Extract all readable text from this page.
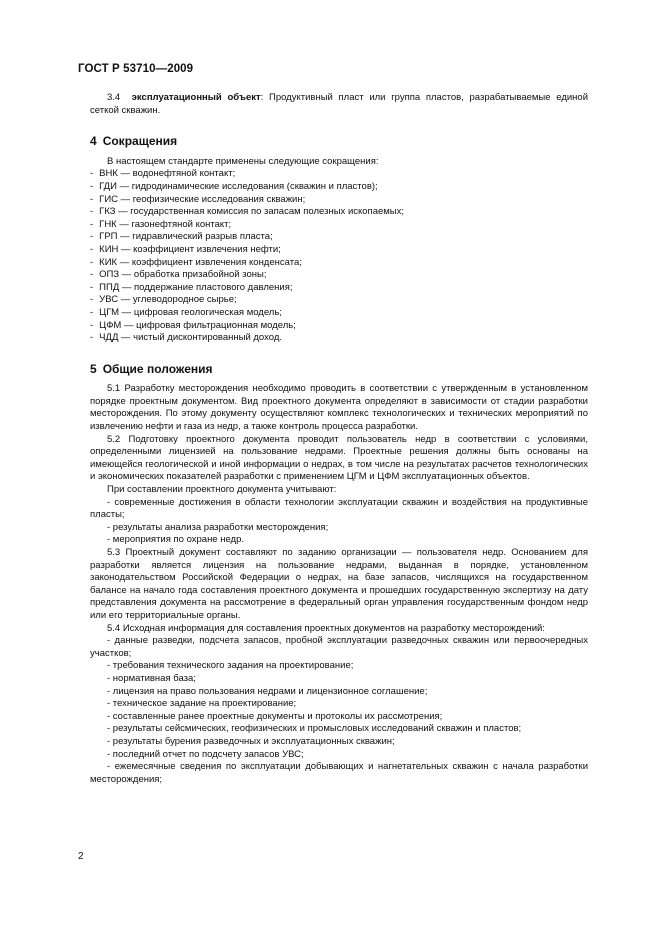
ГОСТ Р 53710—2009

3.4 эксплуатационный объект: Продуктивный пласт или группа пластов, разрабатываемые единой сеткой скважин.

4 Сокращения

В настоящем стандарте применены следующие сокращения:

- ВНК — водонефтяной контакт;
- ГДИ — гидродинамические исследования (скважин и пластов);
- ГИС — геофизические исследования скважин;
- ГКЗ — государственная комиссия по запасам полезных ископаемых;
- ГНК — газонефтяной контакт;
- ГРП — гидравлический разрыв пласта;
- КИН — коэффициент извлечения нефти;
- КИК — коэффициент извлечения конденсата;
- ОПЗ — обработка призабойной зоны;
- ППД — поддержание пластового давления;
- УВС — углеводородное сырье;
- ЦГМ — цифровая геологическая модель;
- ЦФМ — цифровая фильтрационная модель;
- ЧДД — чистый дисконтированный доход.
5 Общие положения

5.1 Разработку месторождения необходимо проводить в соответствии с утвержденным в установленном порядке проектным документом. Вид проектного документа определяют в зависимости от стадии разработки месторождения. По этому документу осуществляют комплекс технологических и технических мероприятий по извлечению нефти и газа из недр, а также контроль процесса разработки.

5.2 Подготовку проектного документа проводит пользователь недр в соответствии с условиями, определенными лицензией на пользование недрами. Проектные решения должны быть основаны на имеющейся геологической и иной информации о недрах, в том числе на результатах расчетов технологических и экономических показателей разработки с применением ЦГМ и ЦФМ эксплуатационных объектов.

При составлении проектного документа учитывают:

- современные достижения в области технологии эксплуатации скважин и воздействия на продуктивные пласты;
- результаты анализа разработки месторождения;
- мероприятия по охране недр.

5.3 Проектный документ составляют по заданию организации — пользователя недр. Основанием для разработки является лицензия на пользование недрами, выданная в порядке, установленном законодательством Российской Федерации о недрах, на базе запасов, числящихся на государственном балансе на начало года составления проектного документа и прошедших государственную экспертизу на дату представления документа на рассмотрение в федеральный орган управления государственным фондом недр или его территориальные органы.

5.4 Исходная информация для составления проектных документов на разработку месторождений:

- данные разведки, подсчета запасов, пробной эксплуатации разведочных скважин или первоочередных участков;
- требования технического задания на проектирование;
- нормативная база;
- лицензия на право пользования недрами и лицензионное соглашение;
- техническое задание на проектирование;
- составленные ранее проектные документы и протоколы их рассмотрения;
- результаты сейсмических, геофизических и промысловых исследований скважин и пластов;
- результаты бурения разведочных и эксплуатационных скважин;
- последний отчет по подсчету запасов УВС;
- ежемесячные сведения по эксплуатации добывающих и нагнетательных скважин с начала разработки месторождения;
2
